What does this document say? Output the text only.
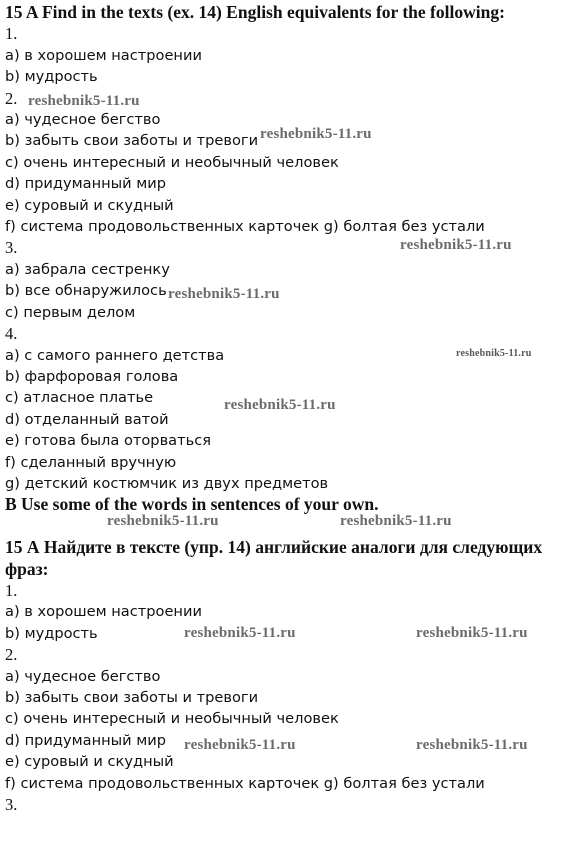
15 A Find in the texts (ex. 14) English equivalents for the following:
1.
a) в хорошем настроении
b) мудрость
2.
a) чудесное бегство
b) забыть свои заботы и тревоги
c) очень интересный и необычный человек
d) придуманный мир
e) суровый и скудный
f) система продовольственных карточек g) болтая без устали
3.
a) забрала сестренку
b) все обнаружилось
c) первым делом
4.
a) с самого раннего детства
b) фарфоровая голова
c) атласное платье
d) отделанный ватой
e) готова была оторваться
f) сделанный вручную
g) детский костюмчик из двух предметов
B Use some of the words in sentences of your own.

15 А Найдите в тексте (упр. 14) английские аналоги для следующих фраз:
1.
a) в хорошем настроении
b) мудрость
2.
a) чудесное бегство
b) забыть свои заботы и тревоги
c) очень интересный и необычный человек
d) придуманный мир
e) суровый и скудный
f) система продовольственных карточек g) болтая без устали
3.
reshebnik5-11.ru
reshebnik5-11.ru
reshebnik5-11.ru
reshebnik5-11.ru
reshebnik5-11.ru
reshebnik5-11.ru
reshebnik5-11.ru	reshebnik5-11.ru
reshebnik5-11.ru	reshebnik5-11.ru
reshebnik5-11.ru	reshebnik5-11.ru
